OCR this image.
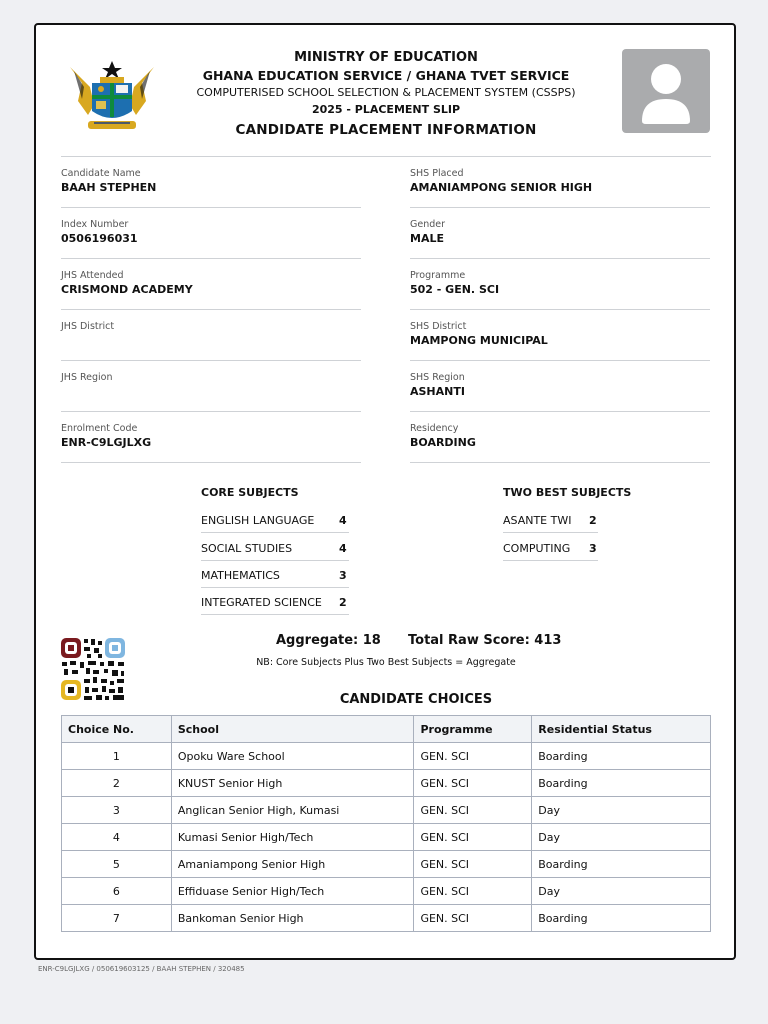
MINISTRY OF EDUCATION
GHANA EDUCATION SERVICE / GHANA TVET SERVICE
COMPUTERISED SCHOOL SELECTION & PLACEMENT SYSTEM (CSSPS)
2025 - PLACEMENT SLIP
CANDIDATE PLACEMENT INFORMATION
Candidate Name
BAAH STEPHEN
Index Number
0506196031
JHS Attended
CRISMOND ACADEMY
JHS District
JHS Region
Enrolment Code
ENR-C9LGJLXG
SHS Placed
AMANIAMPONG SENIOR HIGH
Gender
MALE
Programme
502 - GEN. SCI
SHS District
MAMPONG MUNICIPAL
SHS Region
ASHANTI
Residency
BOARDING
CORE SUBJECTS
ENGLISH LANGUAGE 4
SOCIAL STUDIES	4
MATHEMATICS	3
INTEGRATED SCIENCE 2
TWO BEST SUBJECTS
ASANTE TWI 2
COMPUTING 3
Aggregate: 18 Total Raw Score: 413
NB: Core Subjects Plus Two Best Subjects = Aggregate
CANDIDATE CHOICES
Choice No.	School	Programme	Residential Status
1	Opoku Ware School	GEN. SCI	Boarding
2	KNUST Senior High	GEN. SCI	Boarding
3	Anglican Senior High, Kumasi	GEN. SCI	Day
4	Kumasi Senior High/Tech	GEN. SCI	Day
5	Amaniampong Senior High	GEN. SCI	Boarding
6	Effiduase Senior High/Tech	GEN. SCI	Day
7	Bankoman Senior High	GEN. SCI	Boarding
ENR-C9LGJLXG / 050619603125 / BAAH STEPHEN / 320485
